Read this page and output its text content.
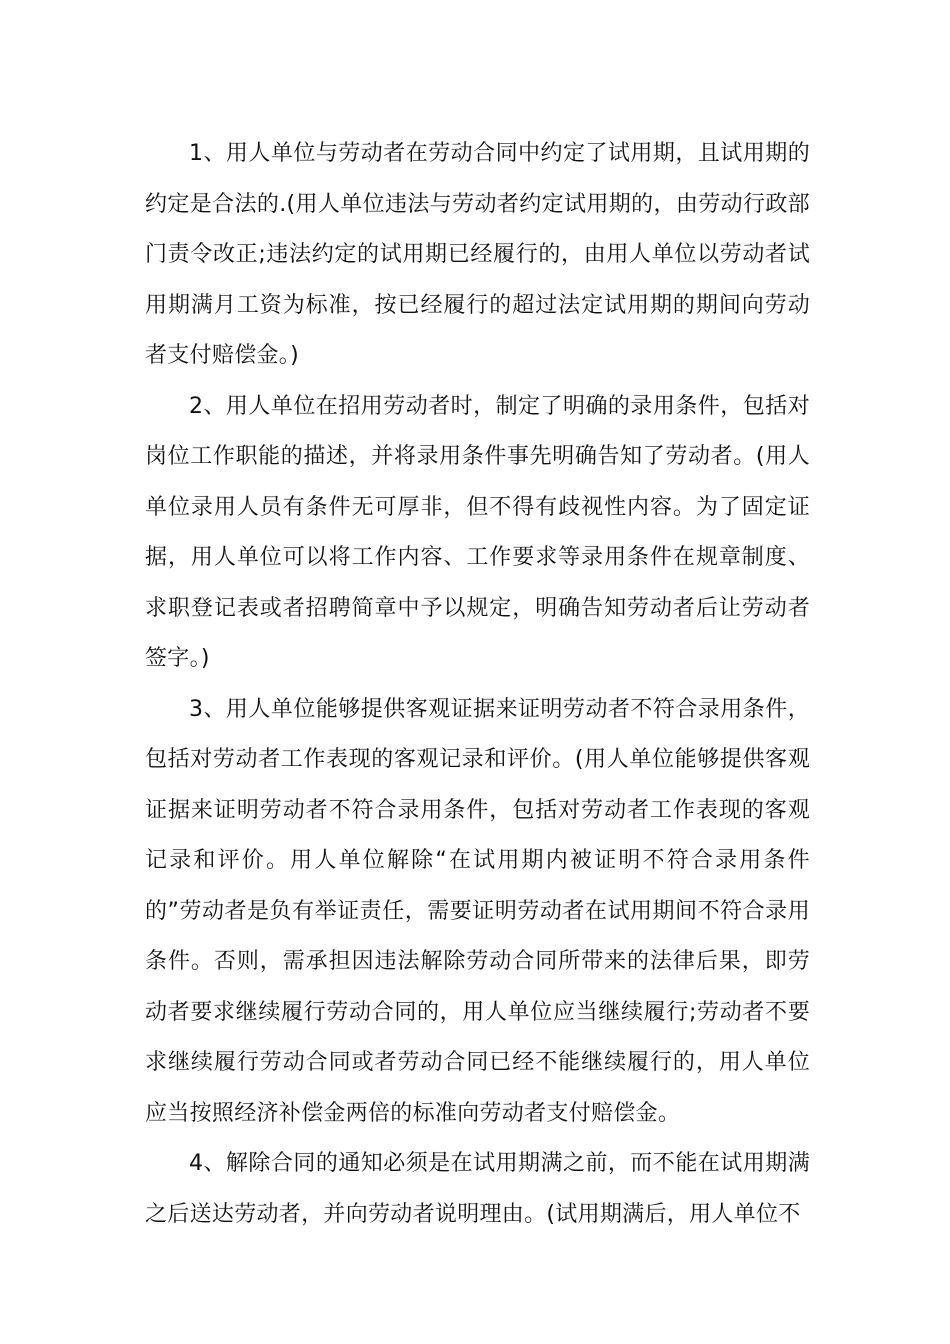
1、用人单位与劳动者在劳动合同中约定了试用期，且试用期的约定是合法的.(用人单位违法与劳动者约定试用期的，由劳动行政部门责令改正;违法约定的试用期已经履行的，由用人单位以劳动者试用期满月工资为标准，按已经履行的超过法定试用期的期间向劳动者支付赔偿金。)

2、用人单位在招用劳动者时，制定了明确的录用条件，包括对岗位工作职能的描述，并将录用条件事先明确告知了劳动者。(用人单位录用人员有条件无可厚非，但不得有歧视性内容。为了固定证据，用人单位可以将工作内容、工作要求等录用条件在规章制度、求职登记表或者招聘简章中予以规定，明确告知劳动者后让劳动者签字。)

3、用人单位能够提供客观证据来证明劳动者不符合录用条件，包括对劳动者工作表现的客观记录和评价。(用人单位能够提供客观证据来证明劳动者不符合录用条件，包括对劳动者工作表现的客观记录和评价。用人单位解除“在试用期内被证明不符合录用条件的”劳动者是负有举证责任，需要证明劳动者在试用期间不符合录用条件。否则，需承担因违法解除劳动合同所带来的法律后果，即劳动者要求继续履行劳动合同的，用人单位应当继续履行;劳动者不要求继续履行劳动合同或者劳动合同已经不能继续履行的，用人单位应当按照经济补偿金两倍的标准向劳动者支付赔偿金。

4、解除合同的通知必须是在试用期满之前，而不能在试用期满之后送达劳动者，并向劳动者说明理由。(试用期满后，用人单位不
